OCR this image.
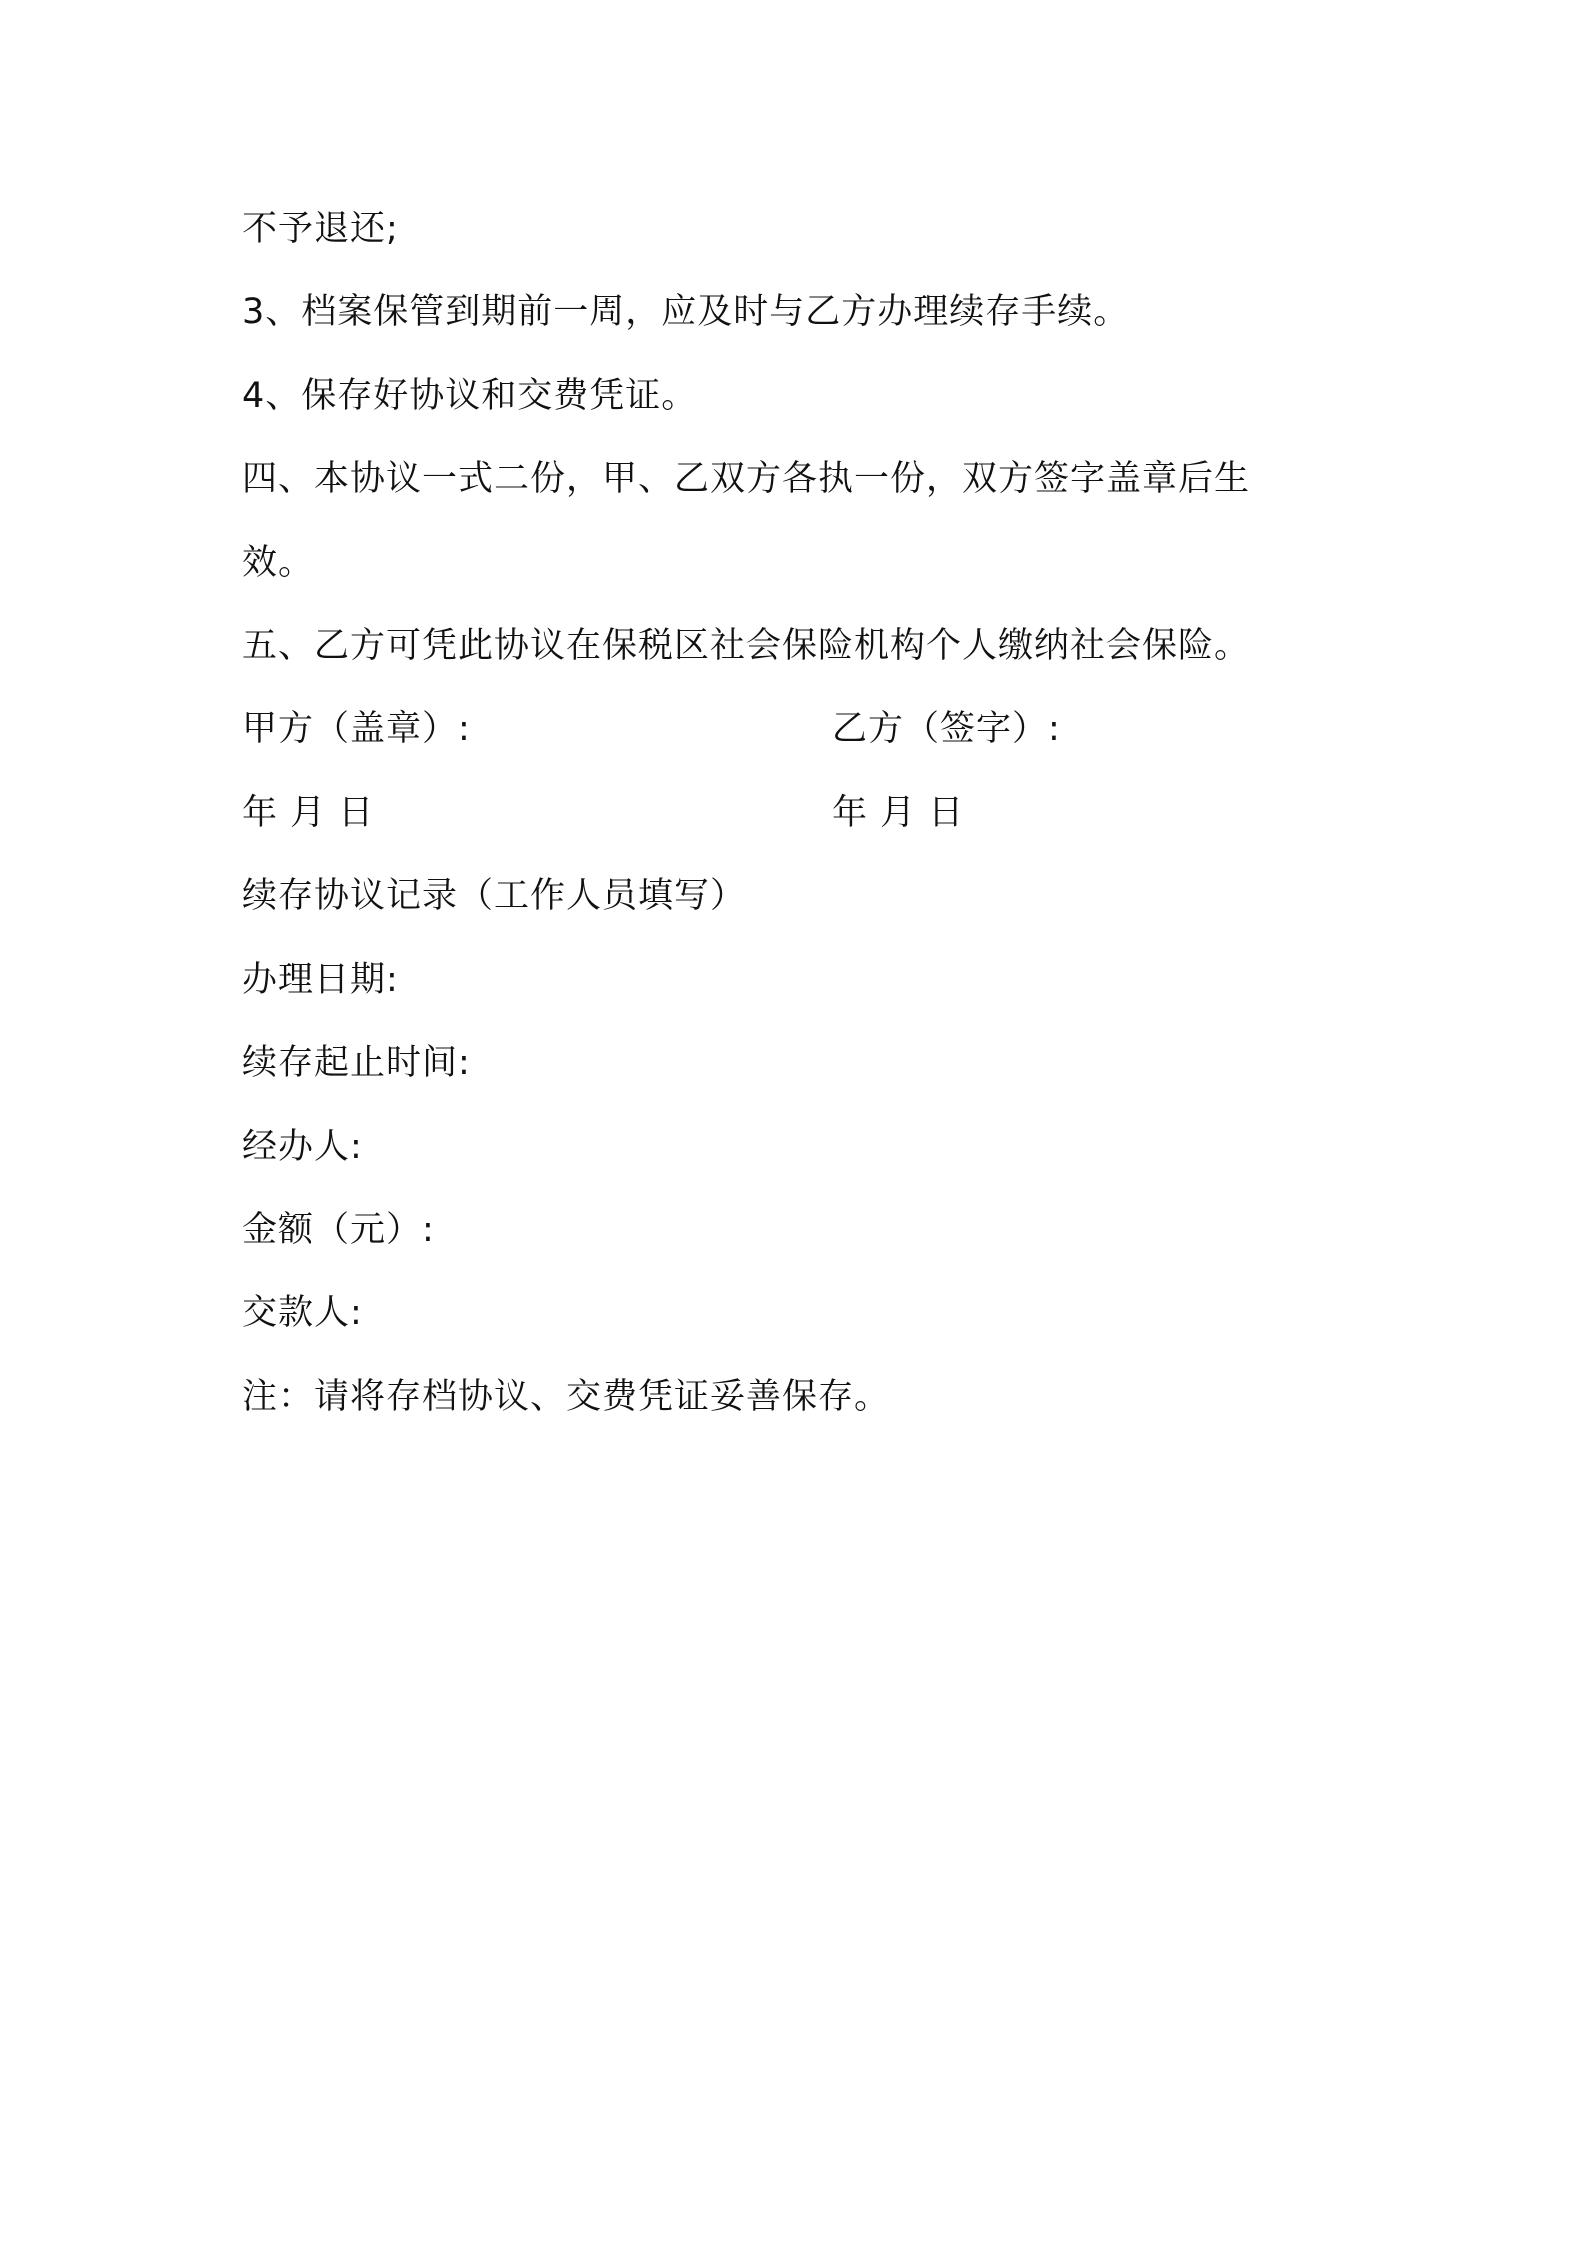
不予退还;
3、档案保管到期前一周，应及时与乙方办理续存手续。
4、保存好协议和交费凭证。
四、本协议一式二份，甲、乙双方各执一份，双方签字盖章后生
效。
五、乙方可凭此协议在保税区社会保险机构个人缴纳社会保险。
甲方（盖章）:	乙方（签字）:
年 月 日	年 月 日
续存协议记录（工作人员填写）
办理日期:
续存起止时间:
经办人:
金额（元）:
交款人:
注：请将存档协议、交费凭证妥善保存。
